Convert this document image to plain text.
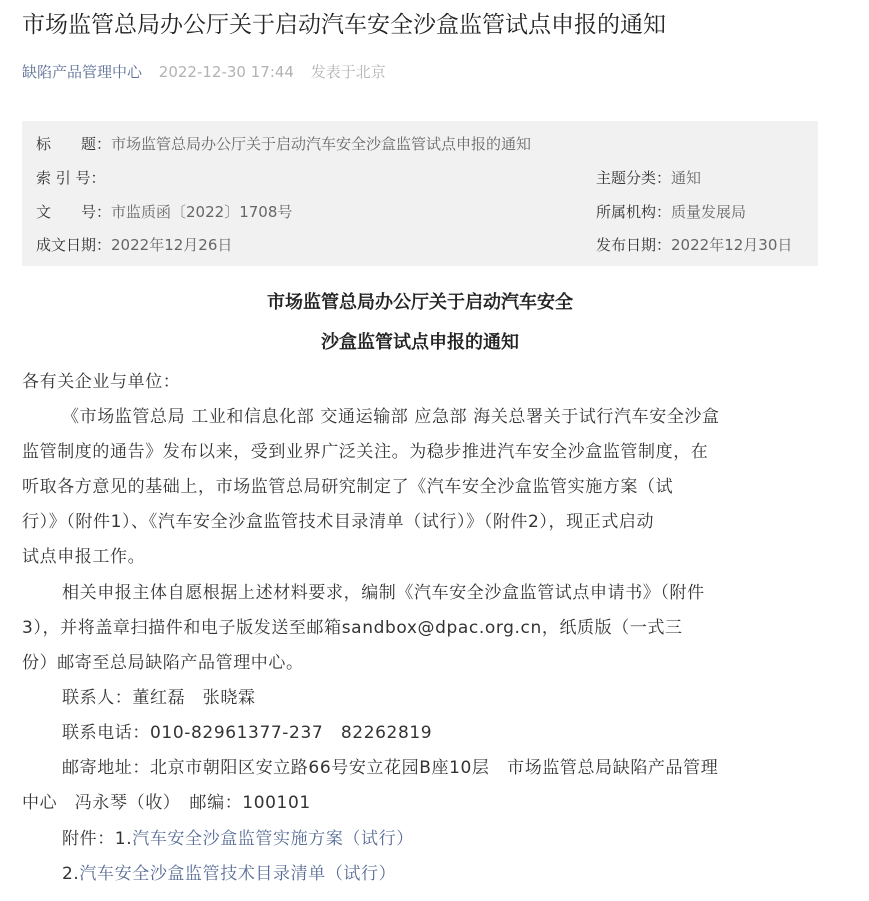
市场监管总局办公厅关于启动汽车安全沙盒监管试点申报的通知
缺陷产品管理中心 2022-12-30 17:44 发表于北京
标　　题：市场监管总局办公厅关于启动汽车安全沙盒监管试点申报的通知
索 引 号：	主题分类：通知
文　　号：市监质函〔2022〕1708号	所属机构：质量发展局
成文日期：2022年12月26日	发布日期：2022年12月30日
市场监管总局办公厅关于启动汽车安全
沙盒监管试点申报的通知
各有关企业与单位：
《市场监管总局 工业和信息化部 交通运输部 应急部 海关总署关于试行汽车安全沙盒
监管制度的通告》发布以来，受到业界广泛关注。为稳步推进汽车安全沙盒监管制度，在
听取各方意见的基础上，市场监管总局研究制定了《汽车安全沙盒监管实施方案（试
行）》（附件1）、《汽车安全沙盒监管技术目录清单（试行）》（附件2），现正式启动
试点申报工作。
相关申报主体自愿根据上述材料要求，编制《汽车安全沙盒监管试点申请书》（附件
3），并将盖章扫描件和电子版发送至邮箱sandbox@dpac.org.cn，纸质版（一式三
份）邮寄至总局缺陷产品管理中心。
联系人：董红磊　张晓霖
联系电话：010-82961377-237　82262819
邮寄地址：北京市朝阳区安立路66号安立花园B座10层　市场监管总局缺陷产品管理
中心　冯永琴（收）　邮编：100101
附件：1.汽车安全沙盒监管实施方案（试行）
2.汽车安全沙盒监管技术目录清单（试行）
